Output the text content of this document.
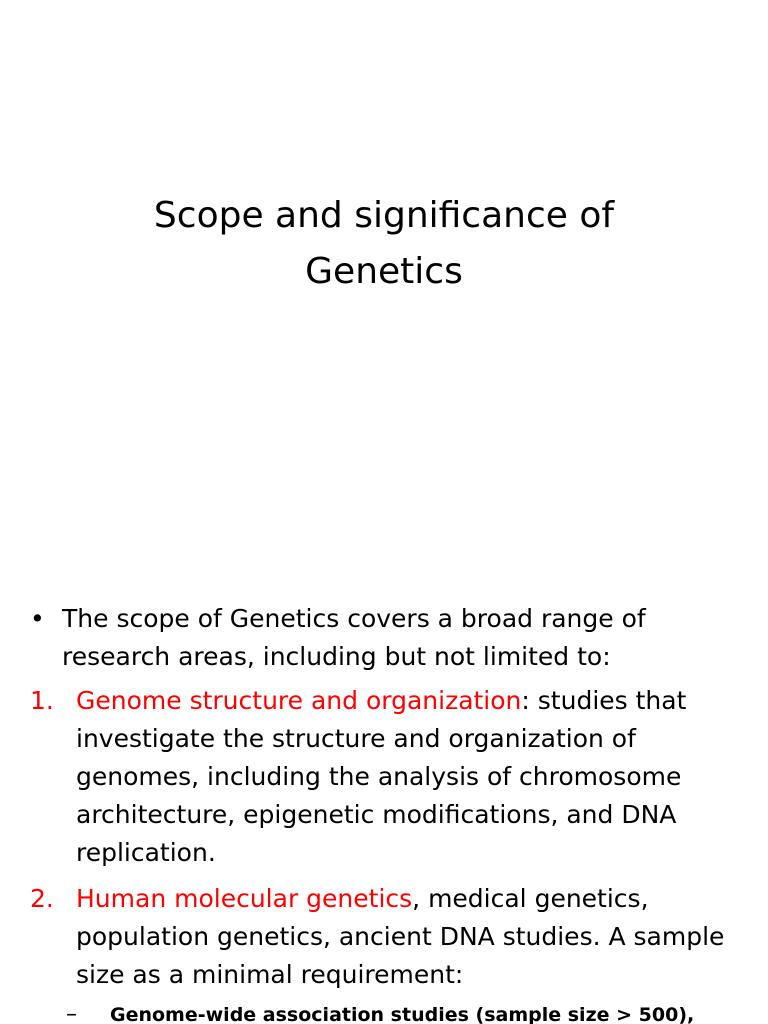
Scope and significance of
Genetics
• The scope of Genetics covers a broad range of research areas, including but not limited to:
1. Genome structure and organization: studies that investigate the structure and organization of genomes, including the analysis of chromosome architecture, epigenetic modifications, and DNA replication.
2. Human molecular genetics, medical genetics, population genetics, ancient DNA studies. A sample size as a minimal requirement:
– Genome-wide association studies (sample size > 500),
